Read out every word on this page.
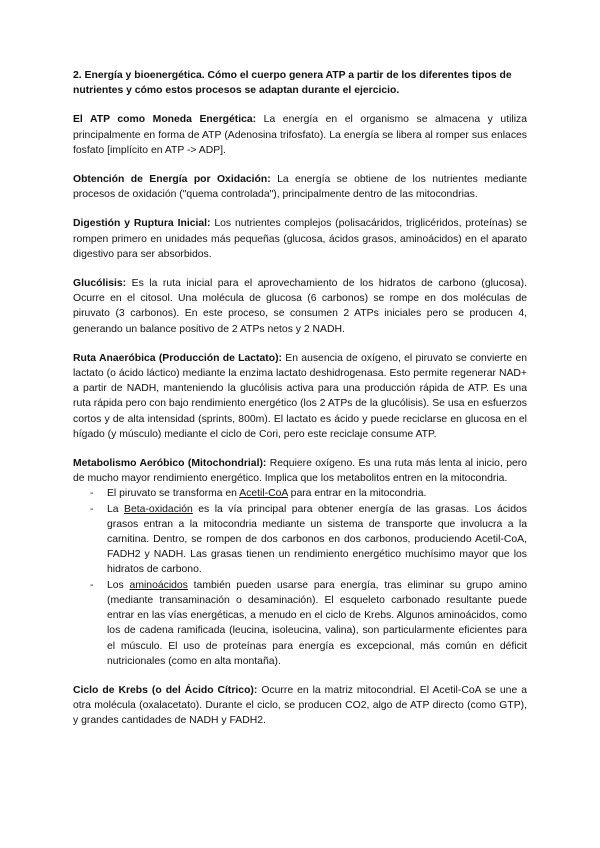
2. Energía y bioenergética. Cómo el cuerpo genera ATP a partir de los diferentes tipos de nutrientes y cómo estos procesos se adaptan durante el ejercicio.

El ATP como Moneda Energética: La energía en el organismo se almacena y utiliza principalmente en forma de ATP (Adenosina trifosfato). La energía se libera al romper sus enlaces fosfato [implícito en ATP -> ADP].

Obtención de Energía por Oxidación: La energía se obtiene de los nutrientes mediante procesos de oxidación ("quema controlada"), principalmente dentro de las mitocondrias.

Digestión y Ruptura Inicial: Los nutrientes complejos (polisacáridos, triglicéridos, proteínas) se rompen primero en unidades más pequeñas (glucosa, ácidos grasos, aminoácidos) en el aparato digestivo para ser absorbidos.

Glucólisis: Es la ruta inicial para el aprovechamiento de los hidratos de carbono (glucosa). Ocurre en el citosol. Una molécula de glucosa (6 carbonos) se rompe en dos moléculas de piruvato (3 carbonos). En este proceso, se consumen 2 ATPs iniciales pero se producen 4, generando un balance positivo de 2 ATPs netos y 2 NADH.

Ruta Anaeróbica (Producción de Lactato): En ausencia de oxígeno, el piruvato se convierte en lactato (o ácido láctico) mediante la enzima lactato deshidrogenasa. Esto permite regenerar NAD+ a partir de NADH, manteniendo la glucólisis activa para una producción rápida de ATP. Es una ruta rápida pero con bajo rendimiento energético (los 2 ATPs de la glucólisis). Se usa en esfuerzos cortos y de alta intensidad (sprints, 800m). El lactato es ácido y puede reciclarse en glucosa en el hígado (y músculo) mediante el ciclo de Cori, pero este reciclaje consume ATP.

Metabolismo Aeróbico (Mitochondrial): Requiere oxígeno. Es una ruta más lenta al inicio, pero de mucho mayor rendimiento energético. Implica que los metabolitos entren en la mitocondria.

- El piruvato se transforma en Acetil-CoA para entrar en la mitocondria.
- La Beta-oxidación es la vía principal para obtener energía de las grasas. Los ácidos grasos entran a la mitocondria mediante un sistema de transporte que involucra a la carnitina. Dentro, se rompen de dos carbonos en dos carbonos, produciendo Acetil-CoA, FADH2 y NADH. Las grasas tienen un rendimiento energético muchísimo mayor que los hidratos de carbono.
- Los aminoácidos también pueden usarse para energía, tras eliminar su grupo amino (mediante transaminación o desaminación). El esqueleto carbonado resultante puede entrar en las vías energéticas, a menudo en el ciclo de Krebs. Algunos aminoácidos, como los de cadena ramificada (leucina, isoleucina, valina), son particularmente eficientes para el músculo. El uso de proteínas para energía es excepcional, más común en déficit nutricionales (como en alta montaña).

Ciclo de Krebs (o del Ácido Cítrico): Ocurre en la matriz mitocondrial. El Acetil-CoA se une a otra molécula (oxalacetato). Durante el ciclo, se producen CO2, algo de ATP directo (como GTP), y grandes cantidades de NADH y FADH2.
